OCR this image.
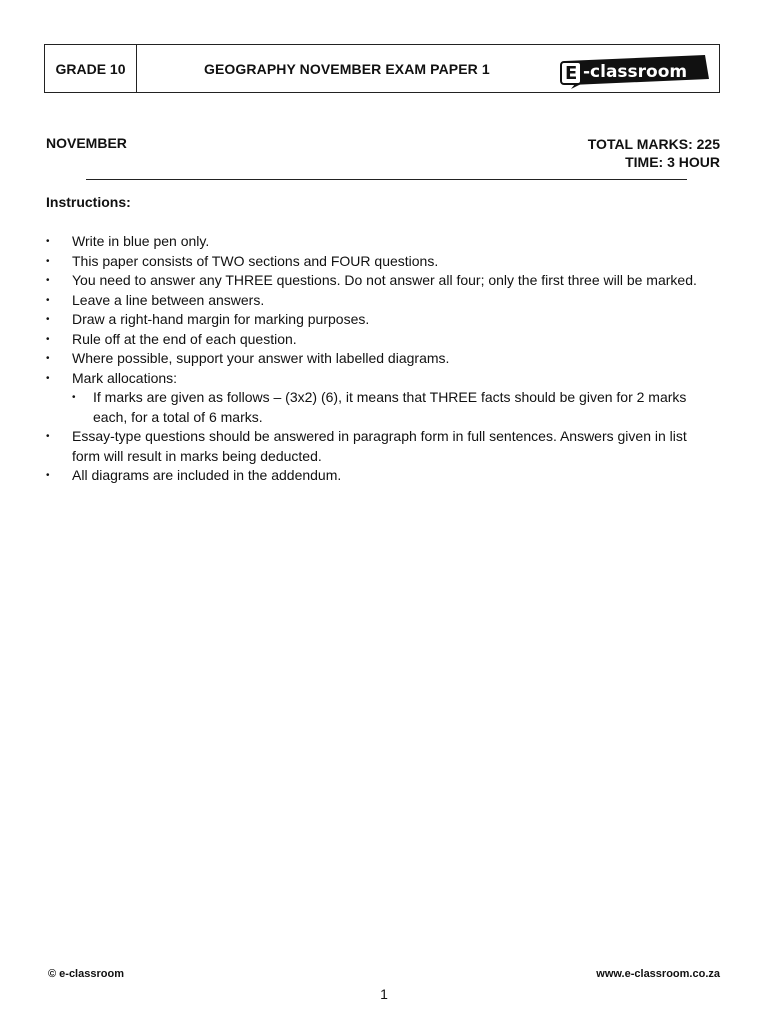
GRADE 10	GEOGRAPHY NOVEMBER EXAM PAPER 1	E -classroom
NOVEMBER	TOTAL MARKS: 225
TIME: 3 HOUR
Instructions:
• Write in blue pen only.
• This paper consists of TWO sections and FOUR questions.
• You need to answer any THREE questions. Do not answer all four; only the first three will be marked.
• Leave a line between answers.
• Draw a right-hand margin for marking purposes.
• Rule off at the end of each question.
• Where possible, support your answer with labelled diagrams.
• Mark allocations:
• If marks are given as follows – (3x2) (6), it means that THREE facts should be given for 2 marks each, for a total of 6 marks.
• Essay-type questions should be answered in paragraph form in full sentences. Answers given in list form will result in marks being deducted.
• All diagrams are included in the addendum.
© e-classroom	www.e-classroom.co.za
1
